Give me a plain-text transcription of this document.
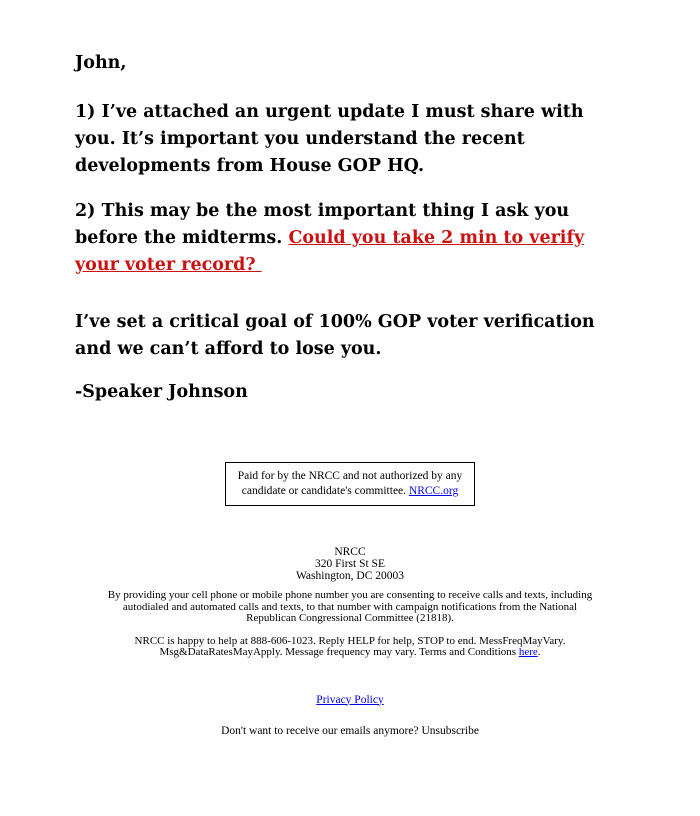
John,

1) I’ve attached an urgent update I must share with
you. It’s important you understand the recent
developments from House GOP HQ.

2) This may be the most important thing I ask you
before the midterms. Could you take 2 min to verify
your voter record?

I’ve set a critical goal of 100% GOP voter verification
and we can’t afford to lose you.

-Speaker Johnson

Paid for by the NRCC and not authorized by any
candidate or candidate's committee. NRCC.org
NRCC
320 First St SE
Washington, DC 20003
By providing your cell phone or mobile phone number you are consenting to receive calls and texts, including
autodialed and automated calls and texts, to that number with campaign notifications from the National
Republican Congressional Committee (21818).
NRCC is happy to help at 888-606-1023. Reply HELP for help, STOP to end. MessFreqMayVary.
Msg&DataRatesMayApply. Message frequency may vary. Terms and Conditions here.
Privacy Policy
Don't want to receive our emails anymore? Unsubscribe
